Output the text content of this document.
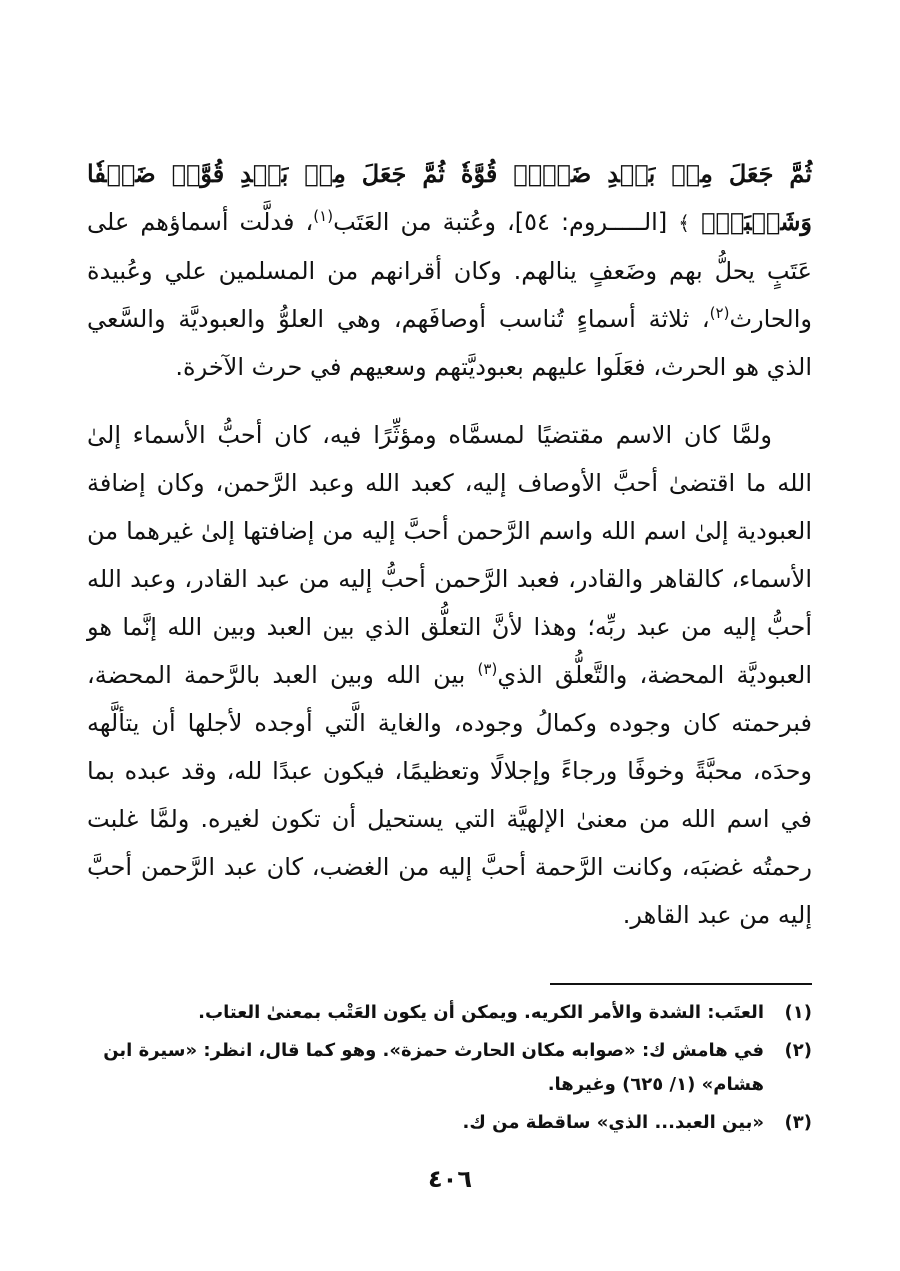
ثُمَّ جَعَلَ مِنۢ بَعۡدِ ضَعۡفٖ قُوَّةٗ ثُمَّ جَعَلَ مِنۢ بَعۡدِ قُوَّةٖ ضَعۡفٗا وَشَيۡبَةٗۚ ﴾ [الـــــروم: ٥٤]، وعُتبة من العَتَب$^{(١)}$، فدلَّت أسماؤهم على عَتَبٍ يحلُّ بهم وضَعفٍ ينالهم. وكان أقرانهم من المسلمين علي وعُبيدة والحارث$^{(٢)}$، ثلاثة أسماءٍ تُناسب أوصافَهم، وهي العلوُّ والعبوديَّة والسَّعي الذي هو الحرث، فعَلَوا عليهم بعبوديَّتهم وسعيهم في حرث الآخرة.

ولمَّا كان الاسم مقتضيًا لمسمَّاه ومؤثِّرًا فيه، كان أحبُّ الأسماء إلىٰ الله ما اقتضىٰ أحبَّ الأوصاف إليه، كعبد الله وعبد الرَّحمن، وكان إضافة العبودية إلىٰ اسم الله واسم الرَّحمن أحبَّ إليه من إضافتها إلىٰ غيرهما من الأسماء، كالقاهر والقادر، فعبد الرَّحمن أحبُّ إليه من عبد القادر، وعبد الله أحبُّ إليه من عبد ربِّه؛ وهذا لأنَّ التعلُّق الذي بين العبد وبين الله إنَّما هو العبوديَّة المحضة، والتَّعلُّق الذي$^{(٣)}$ بين الله وبين العبد بالرَّحمة المحضة، فبرحمته كان وجوده وكمالُ وجوده، والغاية الَّتي أوجده لأجلها أن يتألَّهه وحدَه، محبَّةً وخوفًا ورجاءً وإجلالًا وتعظيمًا، فيكون عبدًا لله، وقد عبده بما في اسم الله من معنىٰ الإلهيَّة التي يستحيل أن تكون لغيره. ولمَّا غلبت رحمتُه غضبَه، وكانت الرَّحمة أحبَّ إليه من الغضب، كان عبد الرَّحمن أحبَّ إليه من عبد القاهر.

(١)
العتَب: الشدة والأمر الكريه. ويمكن أن يكون العَتْب بمعنىٰ العتاب.
(٢)
في هامش ك: «صوابه مكان الحارث حمزة». وهو كما قال، انظر: «سيرة ابن هشام» (١/ ٦٢٥) وغيرها.
(٣)
«بين العبد... الذي» ساقطة من ك.
٤٠٦
